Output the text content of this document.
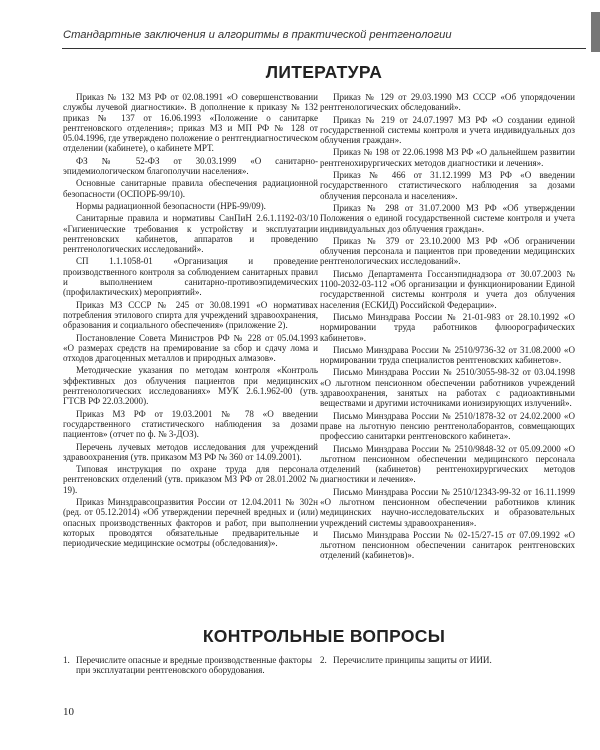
Стандартные заключения и алгоритмы в практической рентгенологии
ЛИТЕРАТУРА

Приказ № 132 МЗ РФ от 02.08.1991 «О совершенствовании службы лучевой диагностики». В дополнение к приказу № 132 приказ № 137 от 16.06.1993 «Положение о санитарке рентгеновского отделения»; приказ МЗ и МП РФ № 128 от 05.04.1996, где утверждено положение о рентгендиагностическом отделении (кабинете), о кабинете МРТ.

ФЗ № 52-ФЗ от 30.03.1999 «О санитарно-эпидемиологическом благополучии населения».

Основные санитарные правила обеспечения радиационной безопасности (ОСПОРБ-99/10).

Нормы радиационной безопасности (НРБ-99/09).

Санитарные правила и нормативы СанПиН 2.6.1.1192-03/10 «Гигиенические требования к устройству и эксплуатации рентгеновских кабинетов, аппаратов и проведению рентгенологических исследований».

СП 1.1.1058-01 «Организация и проведение производственного контроля за соблюдением санитарных правил и выполнением санитарно-противоэпидемических (профилактических) мероприятий».

Приказ МЗ СССР № 245 от 30.08.1991 «О нормативах потребления этилового спирта для учреждений здравоохранения, образования и социального обеспечения» (приложение 2).

Постановление Совета Министров РФ № 228 от 05.04.1993 «О размерах средств на премирование за сбор и сдачу лома и отходов драгоценных металлов и природных алмазов».

Методические указания по методам контроля «Контроль эффективных доз облучения пациентов при медицинских рентгенологических исследованиях» МУК 2.6.1.962-00 (утв. ГТСВ РФ 22.03.2000).

Приказ МЗ РФ от 19.03.2001 № 78 «О введении государственного статистического наблюдения за дозами пациентов» (отчет по ф. № 3-ДОЗ).

Перечень лучевых методов исследования для учреждений здравоохранения (утв. приказом МЗ РФ № 360 от 14.09.2001).

Типовая инструкция по охране труда для персонала рентгеновских отделений (утв. приказом МЗ РФ от 28.01.2002 № 19).

Приказ Минздравсоцразвития России от 12.04.2011 № 302н (ред. от 05.12.2014) «Об утверждении перечней вредных и (или) опасных производственных факторов и работ, при выполнении которых проводятся обязательные предварительные и периодические медицинские осмотры (обследования)».

Приказ № 129 от 29.03.1990 МЗ СССР «Об упорядочении рентгенологических обследований».

Приказ № 219 от 24.07.1997 МЗ РФ «О создании единой государственной системы контроля и учета индивидуальных доз облучения граждан».

Приказ № 198 от 22.06.1998 МЗ РФ «О дальнейшем развитии рентгенохирургических методов диагностики и лечения».

Приказ № 466 от 31.12.1999 МЗ РФ «О введении государственного статистического наблюдения за дозами облучения персонала и населения».

Приказ № 298 от 31.07.2000 МЗ РФ «Об утверждении Положения о единой государственной системе контроля и учета индивидуальных доз облучения граждан».

Приказ № 379 от 23.10.2000 МЗ РФ «Об ограничении облучения персонала и пациентов при проведении медицинских рентгенологических исследований».

Письмо Департамента Госсанэпиднадзора от 30.07.2003 № 1100-2032-03-112 «Об организации и функционировании Единой государственной системы контроля и учета доз облучения населения (ЕСКИД) Российской Федерации».

Письмо Минздрава России № 21-01-983 от 28.10.1992 «О нормировании труда работников флюорографических кабинетов».

Письмо Минздрава России № 2510/9736-32 от 31.08.2000 «О нормировании труда специалистов рентгеновских кабинетов».

Письмо Минздрава России № 2510/3055-98-32 от 03.04.1998 «О льготном пенсионном обеспечении работников учреждений здравоохранения, занятых на работах с радиоактивными веществами и другими источниками ионизирующих излучений».

Письмо Минздрава России № 2510/1878-32 от 24.02.2000 «О праве на льготную пенсию рентгенолаборантов, совмещающих профессию санитарки рентгеновского кабинета».

Письмо Минздрава России № 2510/9848-32 от 05.09.2000 «О льготном пенсионном обеспечении медицинского персонала отделений (кабинетов) рентгенохирургических методов диагностики и лечения».

Письмо Минздрава России № 2510/12343-99-32 от 16.11.1999 «О льготном пенсионном обеспечении работников клиник медицинских научно-исследовательских и образовательных учреждений системы здравоохранения».

Письмо Минздрава России № 02-15/27-15 от 07.09.1992 «О льготном пенсионном обеспечении санитарок рентгеновских отделений (кабинетов)».

КОНТРОЛЬНЫЕ ВОПРОСЫ
1. Перечислите опасные и вредные производственные факторы при эксплуатации рентгеновского оборудования.
2. Перечислите принципы защиты от ИИИ.
10
